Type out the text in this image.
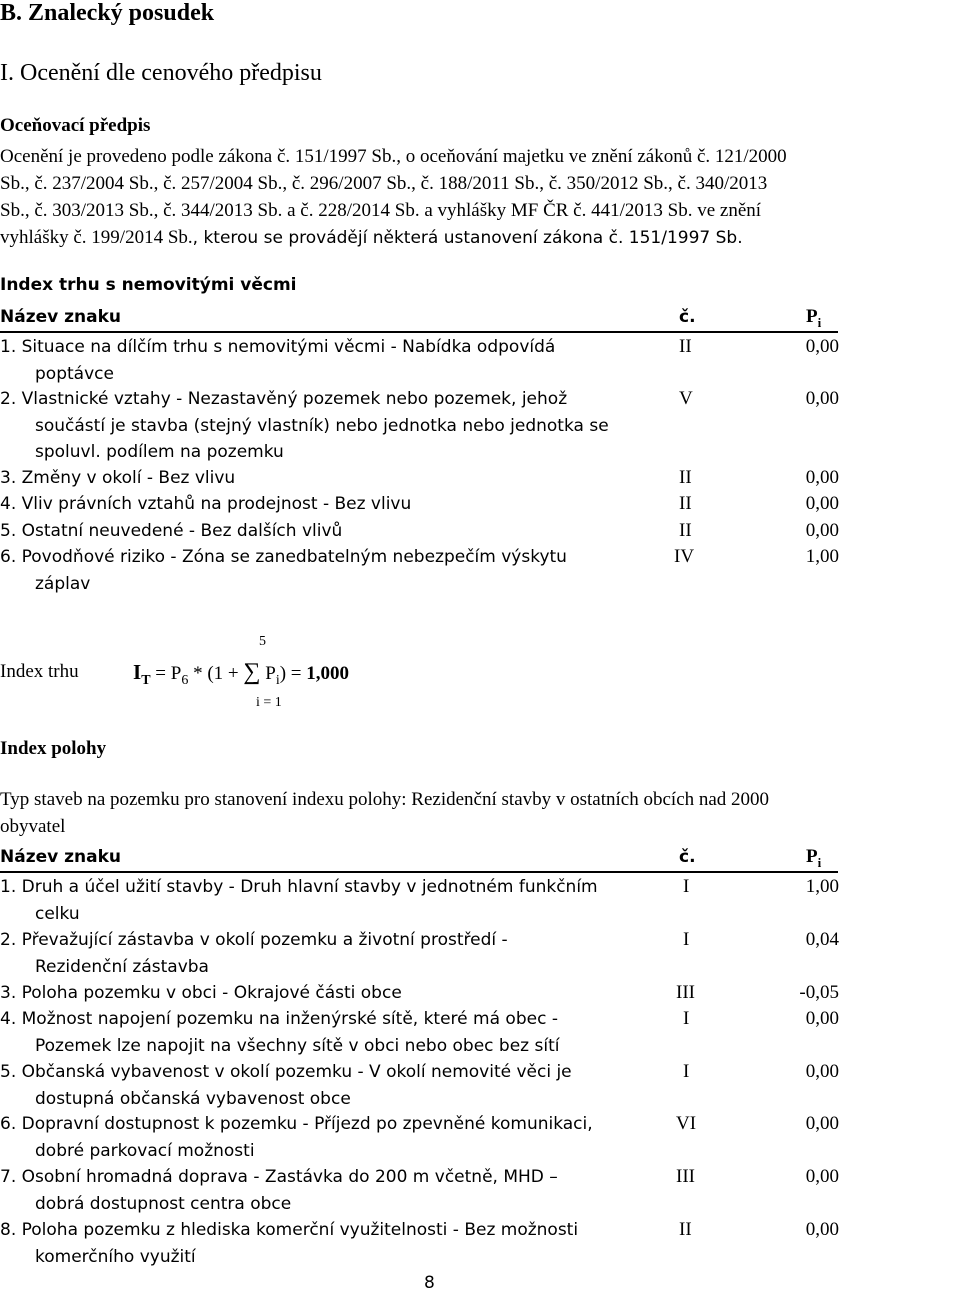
B. Znalecký posudek
I. Ocenění dle cenového předpisu
Oceňovací předpis
Ocenění je provedeno podle zákona č. 151/1997 Sb., o oceňování majetku ve znění zákonů č. 121/2000
Sb., č. 237/2004 Sb., č. 257/2004 Sb., č. 296/2007 Sb., č. 188/2011 Sb., č. 350/2012 Sb., č. 340/2013
Sb., č. 303/2013 Sb., č. 344/2013 Sb. a č. 228/2014 Sb. a vyhlášky MF ČR č. 441/2013 Sb. ve znění
vyhlášky č. 199/2014 Sb., kterou se provádějí některá ustanovení zákona č. 151/1997 Sb.
Index trhu s nemovitými věcmi
Název znaku	č.	$P_i$
1. Situace na dílčím trhu s nemovitými věcmi - Nabídka odpovídá
poptávce
II	0,00
2. Vlastnické vztahy - Nezastavěný pozemek nebo pozemek, jehož
součástí je stavba (stejný vlastník) nebo jednotka nebo jednotka se
spoluvl. podílem na pozemku
V	0,00
3. Změny v okolí - Bez vlivu	II	0,00
4. Vliv právních vztahů na prodejnost - Bez vlivu	II	0,00
5. Ostatní neuvedené - Bez dalších vlivů	II	0,00
6. Povodňové riziko - Zóna se zanedbatelným nebezpečím výskytu
záplav
IV	1,00
5
Index trhu	$I_T = P_6 * (1$ + ∑ $P_i) = 1,000$
i = 1
Index polohy
Typ staveb na pozemku pro stanovení indexu polohy: Rezidenční stavby v ostatních obcích nad 2000
obyvatel
Název znaku	č.	$P_i$
1. Druh a účel užití stavby - Druh hlavní stavby v jednotném funkčním
celku
I	1,00
2. Převažující zástavba v okolí pozemku a životní prostředí -
Rezidenční zástavba
I	0,04
3. Poloha pozemku v obci - Okrajové části obce	III	-0,05
4. Možnost napojení pozemku na inženýrské sítě, které má obec -
Pozemek lze napojit na všechny sítě v obci nebo obec bez sítí
I	0,00
5. Občanská vybavenost v okolí pozemku - V okolí nemovité věci je
dostupná občanská vybavenost obce
I	0,00
6. Dopravní dostupnost k pozemku - Příjezd po zpevněné komunikaci,
dobré parkovací možnosti
VI	0,00
7. Osobní hromadná doprava - Zastávka do 200 m včetně, MHD –
dobrá dostupnost centra obce
III	0,00
8. Poloha pozemku z hlediska komerční využitelnosti - Bez možnosti
komerčního využití
II	0,00
8
